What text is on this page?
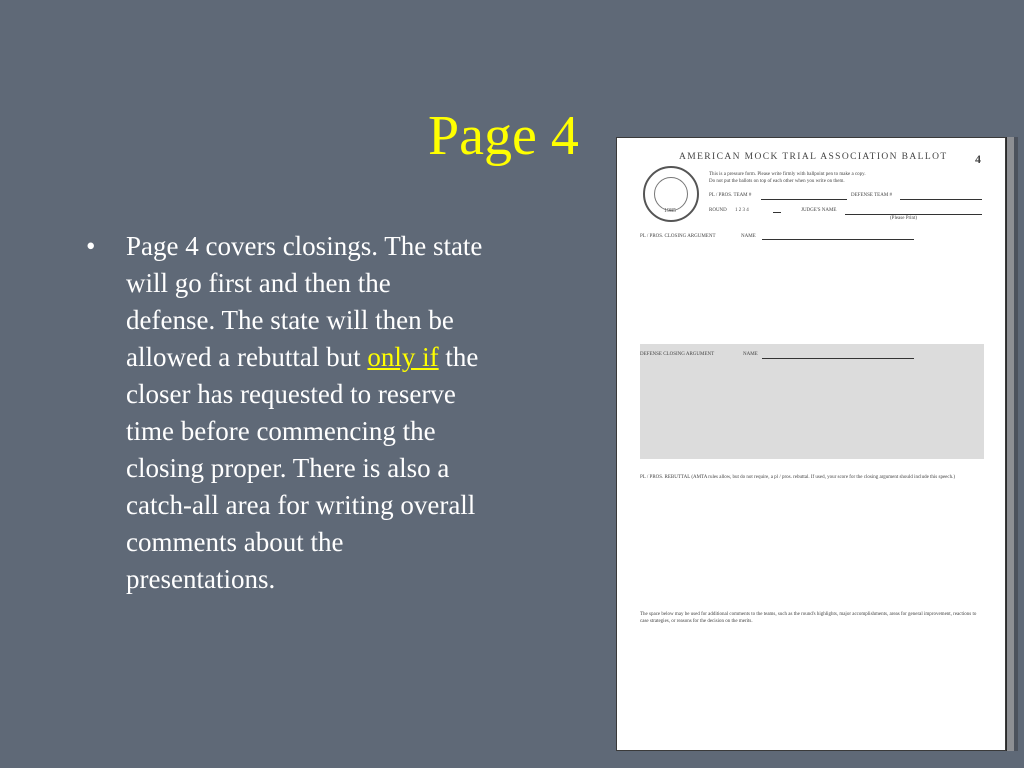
Page 4
• Page 4 covers closings. The state will go first and then the defense. The state will then be allowed a rebuttal but only if the closer has requested to reserve time before commencing the closing proper. There is also a catch-all area for writing overall comments about the presentations.
1985
AMERICAN MOCK TRIAL ASSOCIATION BALLOT 4
This is a pressure form. Please write firmly with ballpoint pen to make a copy.
Do not put the ballots on top of each other when you write on them.
PL / PROS. TEAM #	DEFENSE TEAM #
ROUND 1 2 3 4	JUDGE'S NAME
(Please Print)
PL / PROS. CLOSING ARGUMENT	NAME
DEFENSE CLOSING ARGUMENT	NAME
PL / PROS. REBUTTAL (AMTA rules allow, but do not require, a pl / pros. rebuttal. If used, your score for the closing argument should include this speech.)
The space below may be used for additional comments to the teams, such as the round's highlights, major accomplishments, areas for general improvement, reactions to case strategies, or reasons for the decision on the merits.
